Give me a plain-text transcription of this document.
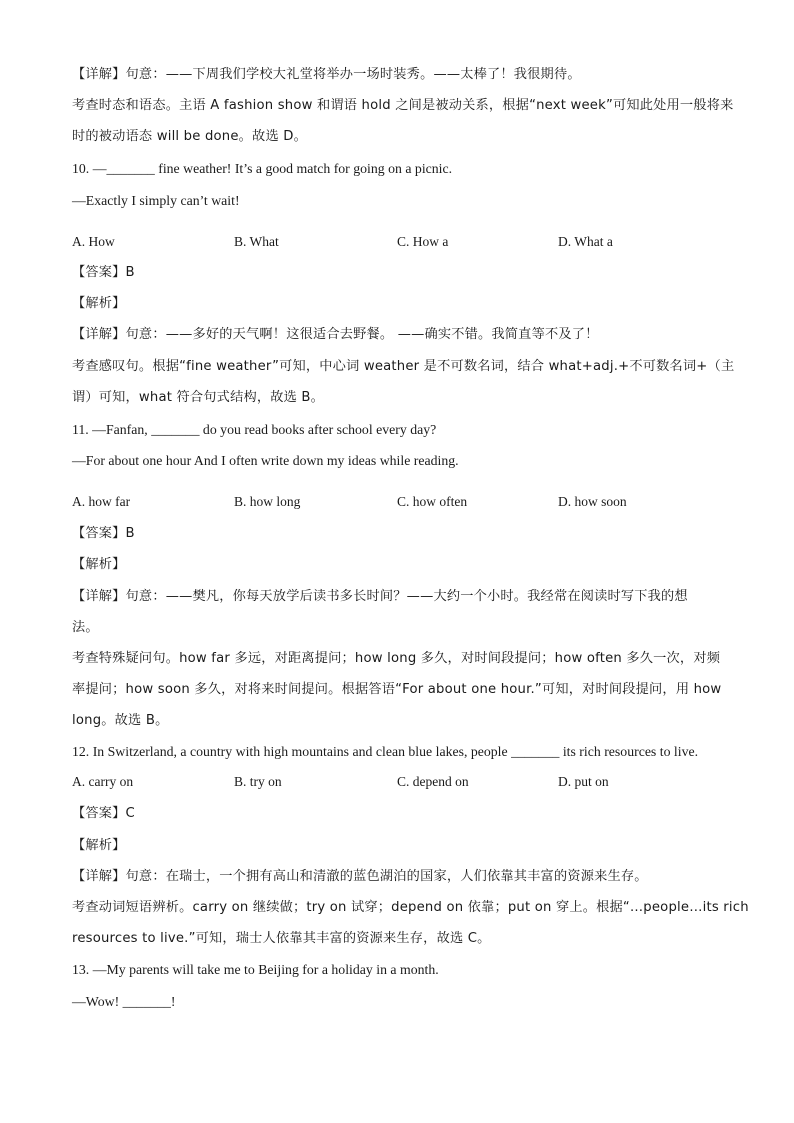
【详解】句意：——下周我们学校大礼堂将举办一场时装秀。——太棒了！我很期待。
考查时态和语态。主语 A fashion show 和谓语 hold 之间是被动关系，根据“next week”可知此处用一般将来
时的被动语态 will be done。故选 D。
10. —_______ fine weather! It’s a good match for going on a picnic.
—Exactly I simply can’t wait!
A. How	B. What	C. How a	D. What a
【答案】B
【解析】
【详解】句意：——多好的天气啊！这很适合去野餐。 ——确实不错。我简直等不及了！
考查感叹句。根据“fine weather”可知，中心词 weather 是不可数名词，结合 what+adj.+不可数名词+（主
谓）可知，what 符合句式结构，故选 B。
11. —Fanfan, _______ do you read books after school every day?
—For about one hour And I often write down my ideas while reading.
A. how far	B. how long	C. how often	D. how soon
【答案】B
【解析】
【详解】句意：——樊凡，你每天放学后读书多长时间？——大约一个小时。我经常在阅读时写下我的想
法。
考查特殊疑问句。how far 多远，对距离提问；how long 多久，对时间段提问；how often 多久一次，对频
率提问；how soon 多久，对将来时间提问。根据答语“For about one hour.”可知，对时间段提问，用 how
long。故选 B。
12. In Switzerland, a country with high mountains and clean blue lakes, people _______ its rich resources to live.
A. carry on	B. try on	C. depend on	D. put on
【答案】C
【解析】
【详解】句意：在瑞士，一个拥有高山和清澈的蓝色湖泊的国家，人们依靠其丰富的资源来生存。
考查动词短语辨析。carry on 继续做；try on 试穿；depend on 依靠；put on 穿上。根据“…people…its rich
resources to live.”可知，瑞士人依靠其丰富的资源来生存，故选 C。
13. —My parents will take me to Beijing for a holiday in a month.
—Wow! _______!
